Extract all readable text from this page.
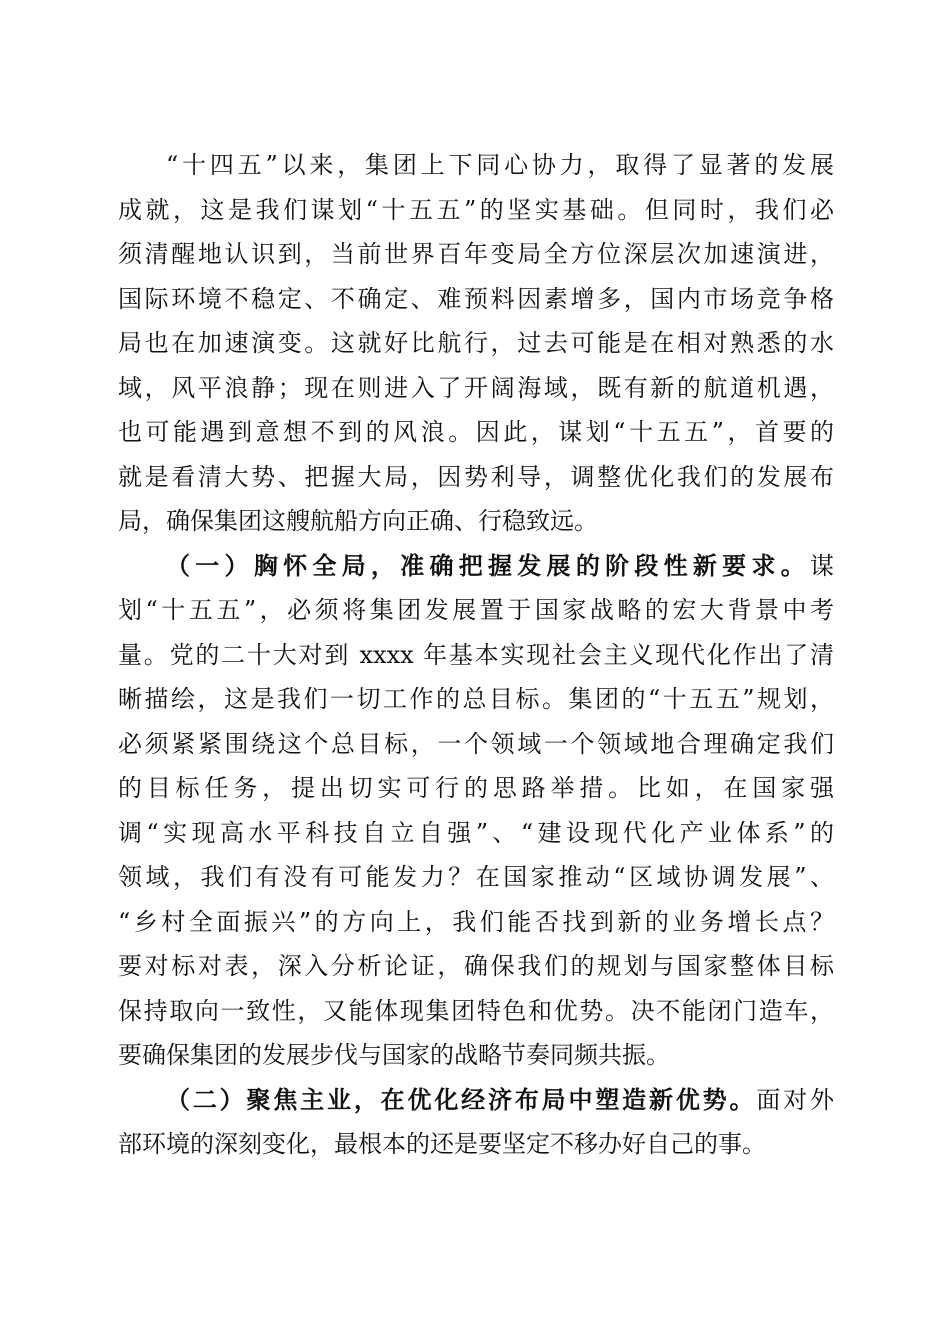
“十四五”以来，集团上下同心协力，取得了显著的发展
成就，这是我们谋划“十五五”的坚实基础。但同时，我们必
须清醒地认识到，当前世界百年变局全方位深层次加速演进，
国际环境不稳定、不确定、难预料因素增多，国内市场竞争格
局也在加速演变。这就好比航行，过去可能是在相对熟悉的水
域，风平浪静；现在则进入了开阔海域，既有新的航道机遇，
也可能遇到意想不到的风浪。因此，谋划“十五五”，首要的
就是看清大势、把握大局，因势利导，调整优化我们的发展布
局，确保集团这艘航船方向正确、行稳致远。
（一）胸怀全局，准确把握发展的阶段性新要求。谋
划“十五五”，必须将集团发展置于国家战略的宏大背景中考
量。党的二十大对到 xxxx 年基本实现社会主义现代化作出了清
晰描绘，这是我们一切工作的总目标。集团的“十五五”规划，
必须紧紧围绕这个总目标，一个领域一个领域地合理确定我们
的目标任务，提出切实可行的思路举措。比如，在国家强
调“实现高水平科技自立自强”、“建设现代化产业体系”的
领域，我们有没有可能发力？在国家推动“区域协调发展”、
“乡村全面振兴”的方向上，我们能否找到新的业务增长点？
要对标对表，深入分析论证，确保我们的规划与国家整体目标
保持取向一致性，又能体现集团特色和优势。决不能闭门造车，
要确保集团的发展步伐与国家的战略节奏同频共振。
（二）聚焦主业，在优化经济布局中塑造新优势。面对外
部环境的深刻变化，最根本的还是要坚定不移办好自己的事。
